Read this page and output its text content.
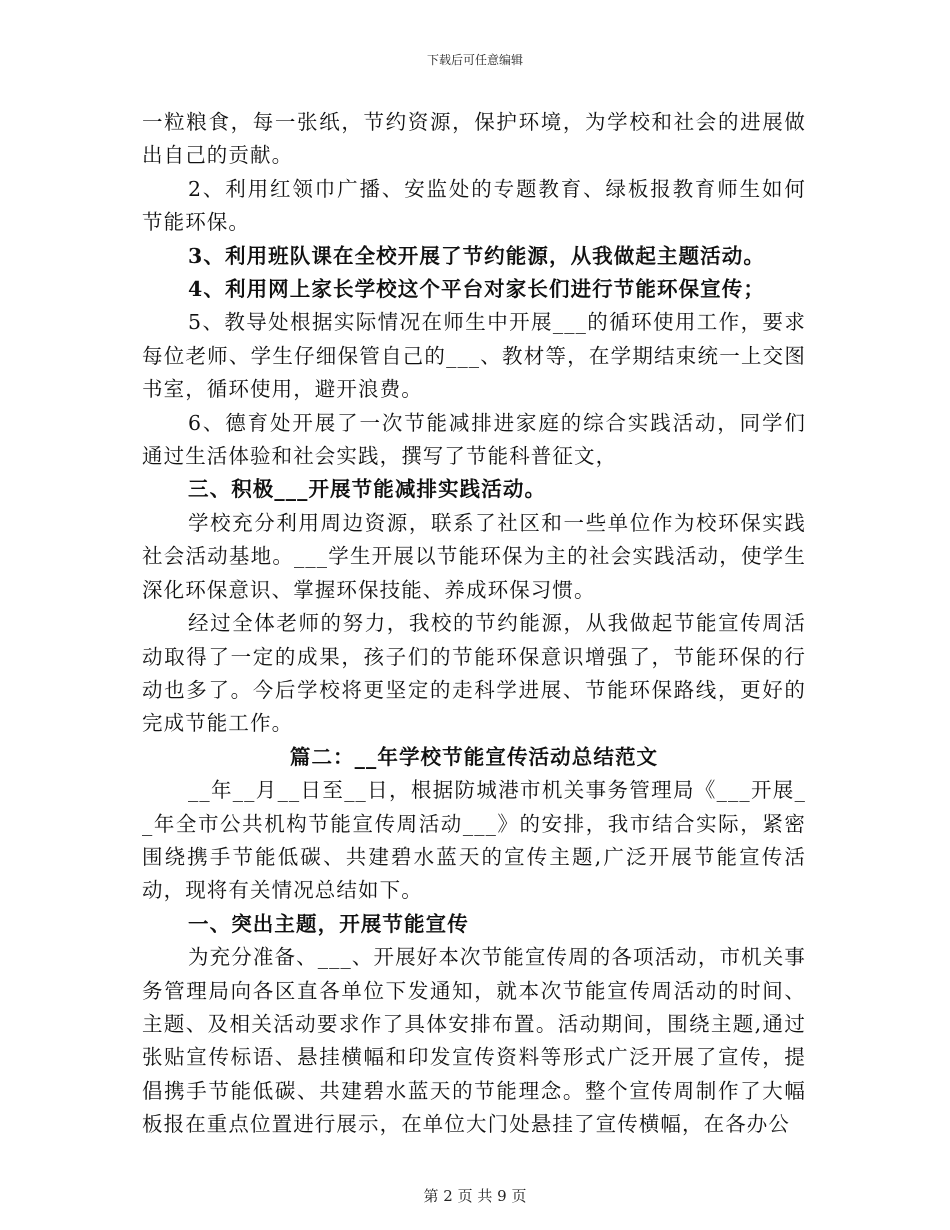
下载后可任意编辑

一粒粮食，每一张纸，节约资源，保护环境，为学校和社会的进展做出自己的贡献。

2、利用红领巾广播、安监处的专题教育、绿板报教育师生如何节能环保。

3、利用班队课在全校开展了节约能源，从我做起主题活动。

4、利用网上家长学校这个平台对家长们进行节能环保宣传；

5、教导处根据实际情况在师生中开展___的循环使用工作，要求每位老师、学生仔细保管自己的___、教材等，在学期结束统一上交图书室，循环使用，避开浪费。

6、德育处开展了一次节能减排进家庭的综合实践活动，同学们通过生活体验和社会实践，撰写了节能科普征文，

三、积极___开展节能减排实践活动。

学校充分利用周边资源，联系了社区和一些单位作为校环保实践社会活动基地。___学生开展以节能环保为主的社会实践活动，使学生深化环保意识、掌握环保技能、养成环保习惯。

经过全体老师的努力，我校的节约能源，从我做起节能宣传周活动取得了一定的成果，孩子们的节能环保意识增强了，节能环保的行动也多了。今后学校将更坚定的走科学进展、节能环保路线，更好的完成节能工作。

篇二：__年学校节能宣传活动总结范文

__年__月__日至__日，根据防城港市机关事务管理局《___开展__年全市公共机构节能宣传周活动___》的安排，我市结合实际，紧密围绕携手节能低碳、共建碧水蓝天的宣传主题,广泛开展节能宣传活动，现将有关情况总结如下。

一、突出主题，开展节能宣传

为充分准备、___、开展好本次节能宣传周的各项活动，市机关事务管理局向各区直各单位下发通知，就本次节能宣传周活动的时间、主题、及相关活动要求作了具体安排布置。活动期间，围绕主题,通过张贴宣传标语、悬挂横幅和印发宣传资料等形式广泛开展了宣传，提倡携手节能低碳、共建碧水蓝天的节能理念。整个宣传周制作了大幅板报在重点位置进行展示，在单位大门处悬挂了宣传横幅，在各办公

第 2 页 共 9 页
